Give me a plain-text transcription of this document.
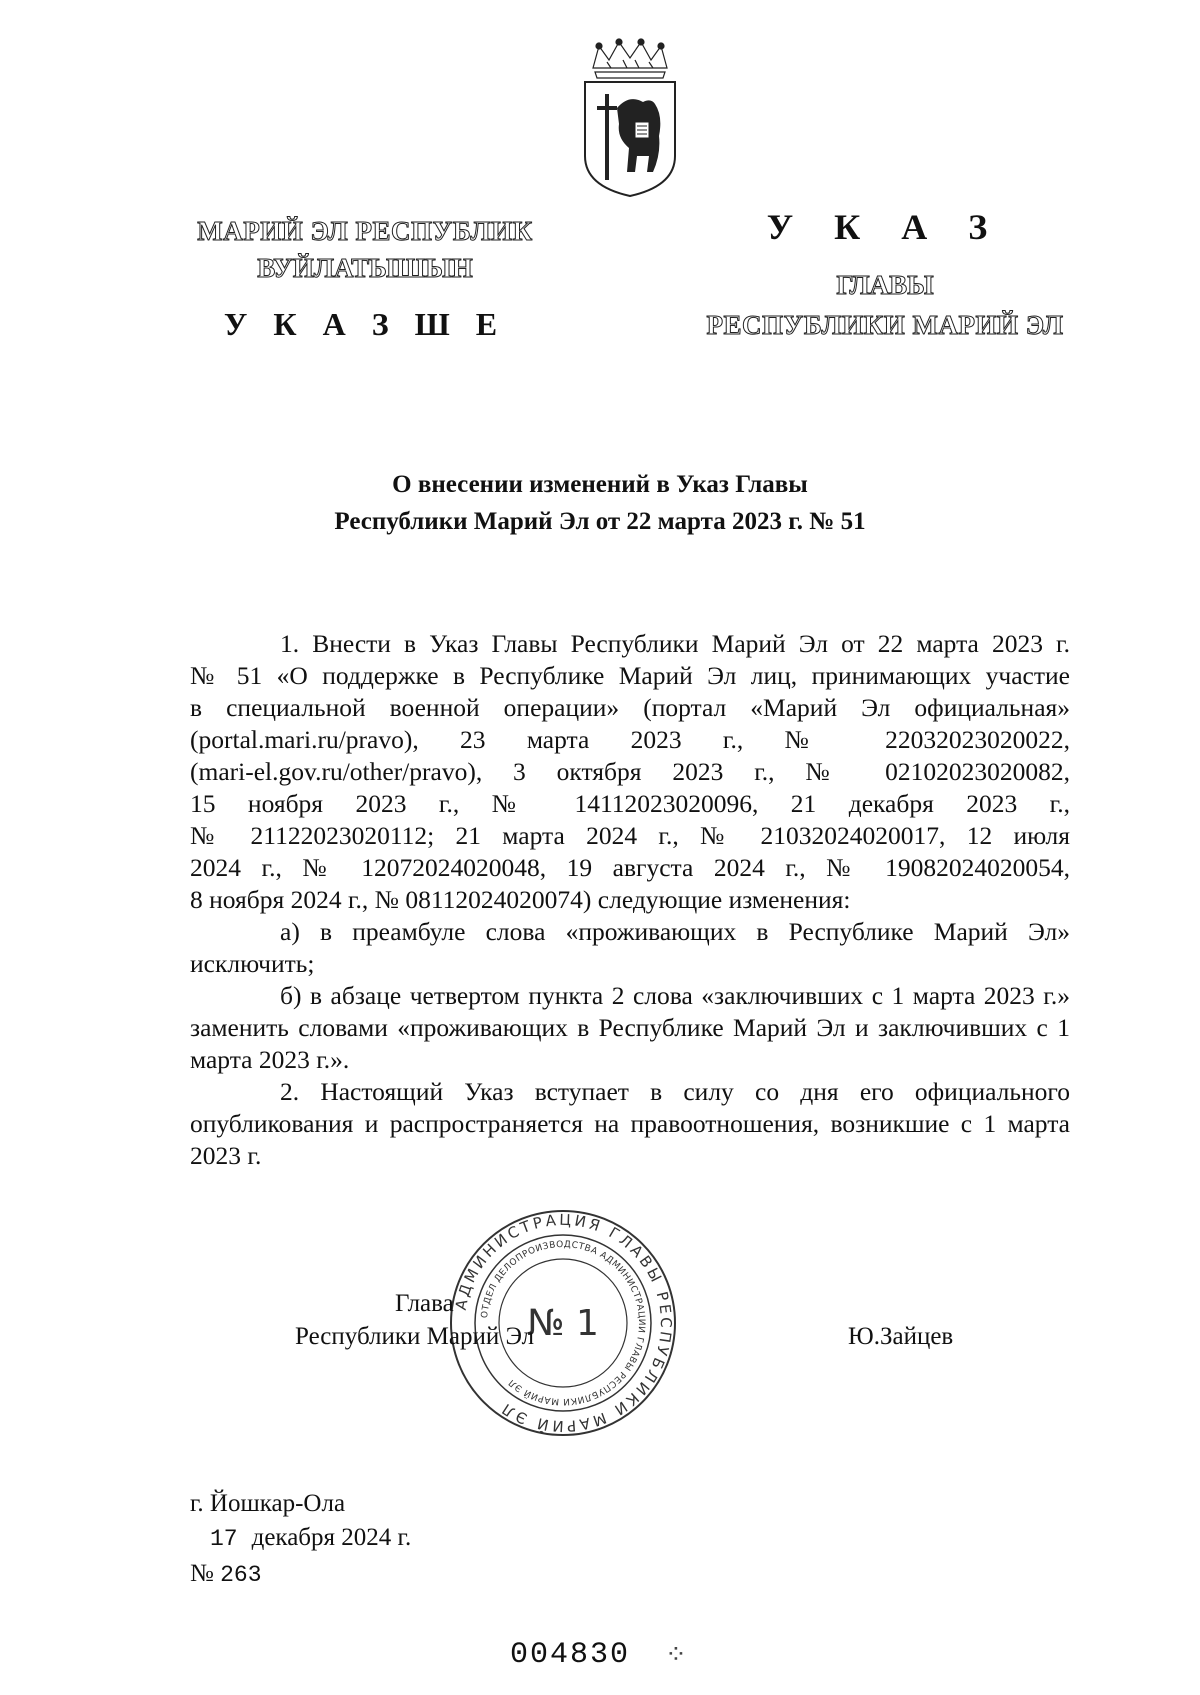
МАРИЙ ЭЛ РЕСПУБЛИК
ВУЙЛАТЫШЫН
У К А З Ш Е
У К А З
ГЛАВЫ
РЕСПУБЛИКИ МАРИЙ ЭЛ
О внесении изменений в Указ Главы
Республики Марий Эл от 22 марта 2023 г. № 51

1. Внести в Указ Главы Республики Марий Эл от 22 марта 2023 г.

№ 51 «О поддержке в Республике Марий Эл лиц, принимающих участие

в специальной военной операции» (портал «Марий Эл официальная»

(portal.mari.ru/pravo), 23 марта 2023 г., № 22032023020022,

(mari-el.gov.ru/other/pravo), 3 октября 2023 г., № 02102023020082,

15 ноября 2023 г., № 14112023020096, 21 декабря 2023 г.,

№ 21122023020112; 21 марта 2024 г., № 21032024020017, 12 июля

2024 г., № 12072024020048, 19 августа 2024 г., № 19082024020054,

8 ноября 2024 г., № 08112024020074) следующие изменения:

а) в преамбуле слова «проживающих в Республике Марий Эл» исключить;

б) в абзаце четвертом пункта 2 слова «заключивших с 1 марта 2023 г.» заменить словами «проживающих в Республике Марий Эл и заключивших с 1 марта 2023 г.».

2. Настоящий Указ вступает в силу со дня его официального опубликования и распространяется на правоотношения, возникшие с 1 марта 2023 г.

АДМИНИСТРАЦИЯ ГЛАВЫ РЕСПУБЛИКИ МАРИЙ ЭЛ
ОТДЕЛ ДЕЛОПРОИЗВОДСТВА АДМИНИСТРАЦИИ ГЛАВЫ РЕСПУБЛИКИ МАРИЙ ЭЛ
№ 1
Глава
Республики Марий Эл	Ю.Зайцев
г. Йошкар-Ола
17 декабря 2024 г.
№ 263
004830 ⁘
